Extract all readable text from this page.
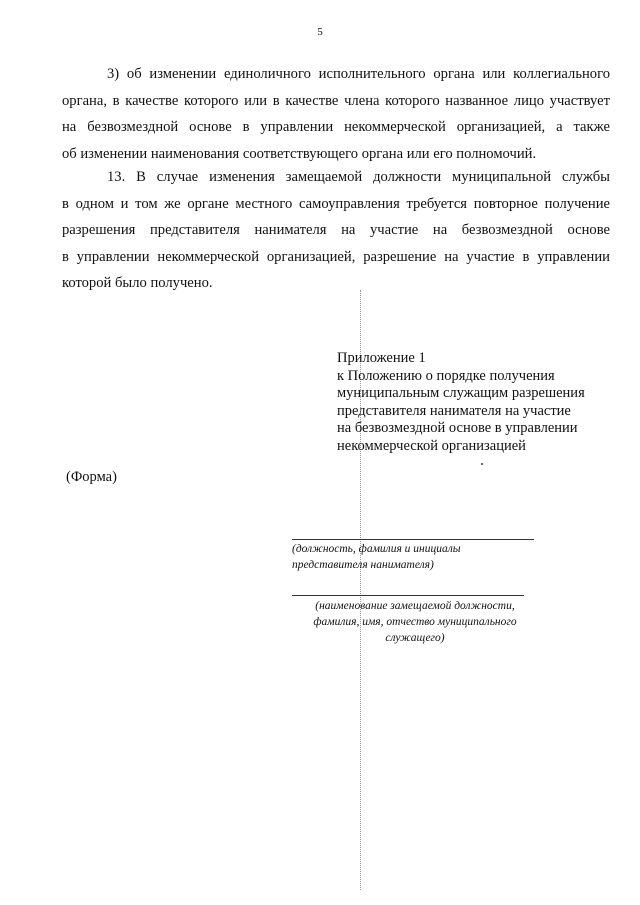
5
3) об изменении единоличного исполнительного органа или коллегиального
органа, в качестве которого или в качестве члена которого названное лицо участвует
на безвозмездной основе в управлении некоммерческой организацией, а также
об изменении наименования соответствующего органа или его полномочий.
13. В случае изменения замещаемой должности муниципальной службы
в одном и том же органе местного самоуправления требуется повторное получение
разрешения представителя нанимателя на участие на безвозмездной основе
в управлении некоммерческой организацией, разрешение на участие в управлении
которой было получено.
Приложение 1
к Положению о порядке получения
муниципальным служащим разрешения
представителя нанимателя на участие
на безвозмездной основе в управлении
некоммерческой организацией
(Форма)
(должность, фамилия и инициалы
представителя нанимателя)
(наименование замещаемой должности,
фамилия, имя, отчество муниципального
служащего)
